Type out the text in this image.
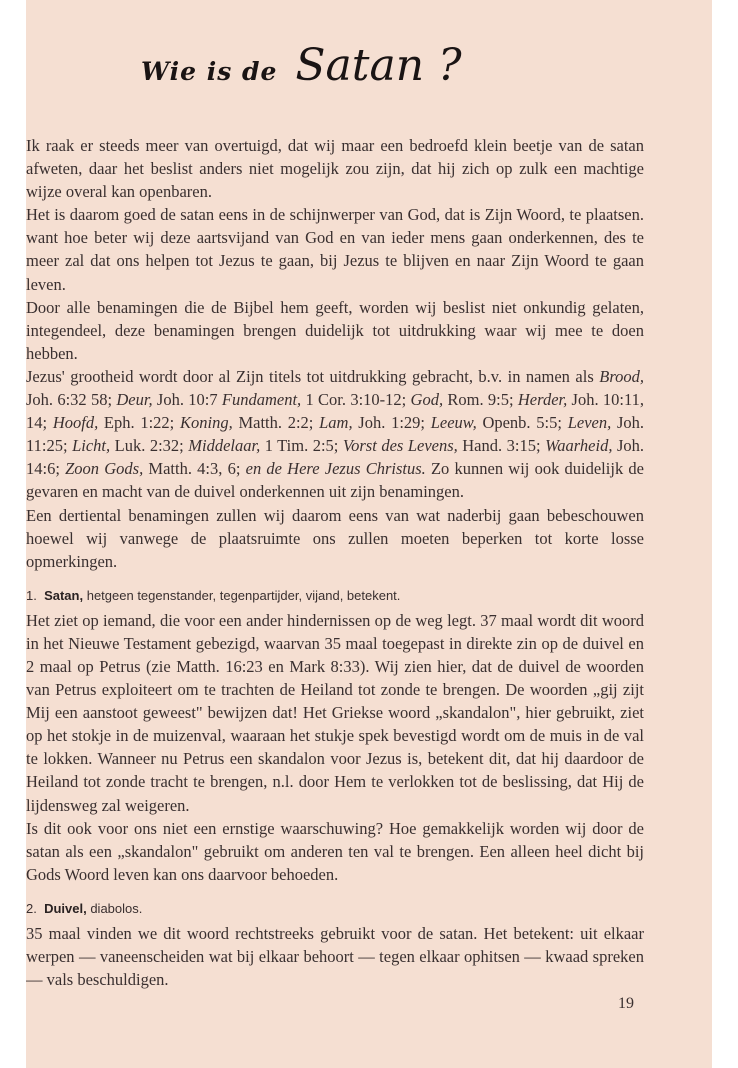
Wie is de Satan ?

Ik raak er steeds meer van overtuigd, dat wij maar een bedroefd klein beetje van de satan afweten, daar het beslist anders niet mogelijk zou zijn, dat hij zich op zulk een machtige wijze overal kan openbaren.

Het is daarom goed de satan eens in de schijnwerper van God, dat is Zijn Woord, te plaatsen. want hoe beter wij deze aartsvijand van God en van ieder mens gaan onderkennen, des te meer zal dat ons helpen tot Jezus te gaan, bij Jezus te blijven en naar Zijn Woord te gaan leven.

Door alle benamingen die de Bijbel hem geeft, worden wij beslist niet onkundig gelaten, integendeel, deze benamingen brengen duidelijk tot uitdrukking waar wij mee te doen hebben.

Jezus' grootheid wordt door al Zijn titels tot uitdrukking gebracht, b.v. in namen als Brood, Joh. 6:32 58; Deur, Joh. 10:7 Fundament, 1 Cor. 3:10-12; God, Rom. 9:5; Herder, Joh. 10:11, 14; Hoofd, Eph. 1:22; Koning, Matth. 2:2; Lam, Joh. 1:29; Leeuw, Openb. 5:5; Leven, Joh. 11:25; Licht, Luk. 2:32; Middelaar, 1 Tim. 2:5; Vorst des Levens, Hand. 3:15; Waarheid, Joh. 14:6; Zoon Gods, Matth. 4:3, 6; en de Here Jezus Christus. Zo kunnen wij ook duidelijk de gevaren en macht van de duivel onderkennen uit zijn benamingen.

Een dertiental benamingen zullen wij daarom eens van wat naderbij gaan bebeschouwen hoewel wij vanwege de plaatsruimte ons zullen moeten beperken tot korte losse opmerkingen.

1. Satan, hetgeen tegenstander, tegenpartijder, vijand, betekent.

Het ziet op iemand, die voor een ander hindernissen op de weg legt. 37 maal wordt dit woord in het Nieuwe Testament gebezigd, waarvan 35 maal toegepast in direkte zin op de duivel en 2 maal op Petrus (zie Matth. 16:23 en Mark 8:33). Wij zien hier, dat de duivel de woorden van Petrus exploiteert om te trachten de Heiland tot zonde te brengen. De woorden „gij zijt Mij een aanstoot geweest" bewijzen dat! Het Griekse woord „skandalon", hier gebruikt, ziet op het stokje in de muizenval, waaraan het stukje spek bevestigd wordt om de muis in de val te lokken. Wanneer nu Petrus een skandalon voor Jezus is, betekent dit, dat hij daardoor de Heiland tot zonde tracht te brengen, n.l. door Hem te verlokken tot de beslissing, dat Hij de lijdensweg zal weigeren.

Is dit ook voor ons niet een ernstige waarschuwing? Hoe gemakkelijk worden wij door de satan als een „skandalon" gebruikt om anderen ten val te brengen. Een alleen heel dicht bij Gods Woord leven kan ons daarvoor behoeden.

2. Duivel, diabolos.

35 maal vinden we dit woord rechtstreeks gebruikt voor de satan. Het betekent: uit elkaar werpen — vaneenscheiden wat bij elkaar behoort — tegen elkaar ophitsen — kwaad spreken — vals beschuldigen.

19
